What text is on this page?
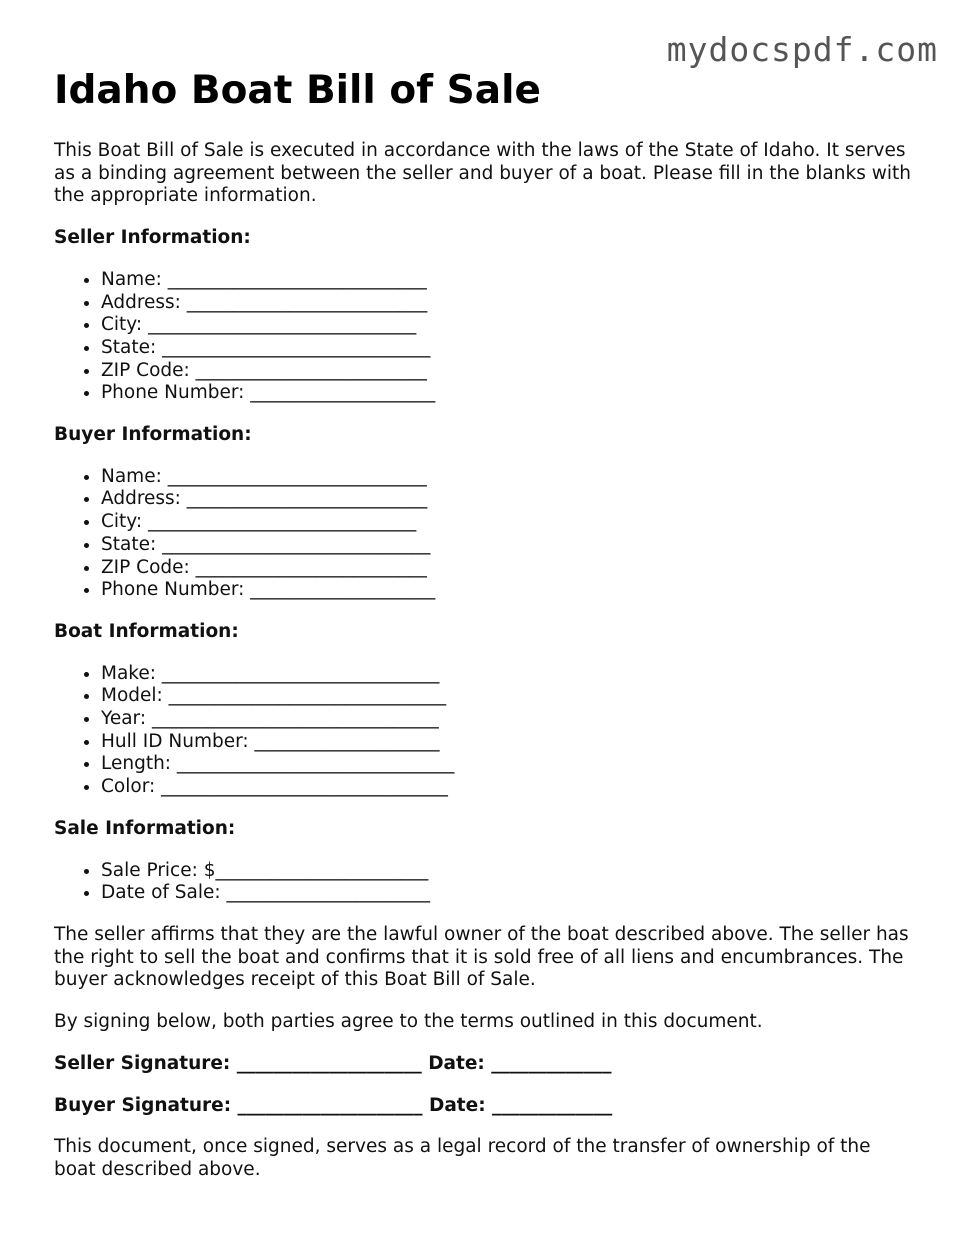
mydocspdf.com
Idaho Boat Bill of Sale

This Boat Bill of Sale is executed in accordance with the laws of the State of Idaho. It serves as a binding agreement between the seller and buyer of a boat. Please fill in the blanks with the appropriate information.

Seller Information:
• Name: ____________________________
• Address: __________________________
• City: _____________________________
• State: _____________________________
• ZIP Code: _________________________
• Phone Number: ____________________
Buyer Information:
• Name: ____________________________
• Address: __________________________
• City: _____________________________
• State: _____________________________
• ZIP Code: _________________________
• Phone Number: ____________________
Boat Information:
• Make: ______________________________
• Model: ______________________________
• Year: _______________________________
• Hull ID Number: ____________________
• Length: ______________________________
• Color: _______________________________
Sale Information:
• Sale Price: $_______________________
• Date of Sale: ______________________

The seller affirms that they are the lawful owner of the boat described above. The seller has the right to sell the boat and confirms that it is sold free of all liens and encumbrances. The buyer acknowledges receipt of this Boat Bill of Sale.

By signing below, both parties agree to the terms outlined in this document.

Seller Signature: ____________________ Date: _____________
Buyer Signature: ____________________ Date: _____________

This document, once signed, serves as a legal record of the transfer of ownership of the boat described above.
